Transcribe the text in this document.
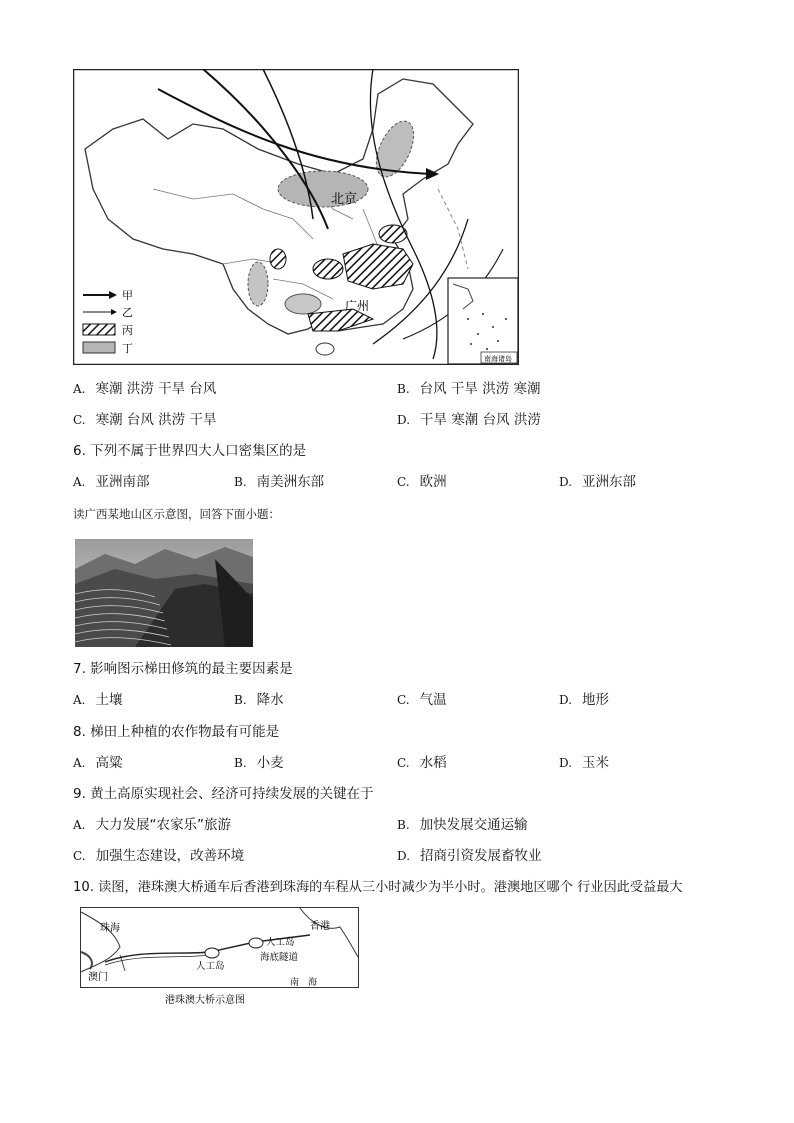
北京
广州
南海诸岛
甲
乙
丙
丁
A. 寒潮 洪涝 干旱 台风	B. 台风 干旱 洪涝 寒潮
C. 寒潮 台风 洪涝 干旱	D. 干旱 寒潮 台风 洪涝
6. 下列不属于世界四大人口密集区的是
A. 亚洲南部	B. 南美洲东部	C. 欧洲	D. 亚洲东部
读广西某地山区示意图，回答下面小题：
7. 影响图示梯田修筑的最主要因素是
A. 土壤	B. 降水	C. 气温	D. 地形
8. 梯田上种植的农作物最有可能是
A. 高粱	B. 小麦	C. 水稻	D. 玉米
9. 黄土高原实现社会、经济可持续发展的关键在于
A. 大力发展“农家乐”旅游	B. 加快发展交通运输
C. 加强生态建设，改善环境	D. 招商引资发展畜牧业
10. 读图，港珠澳大桥通车后香港到珠海的车程从三小时减少为半小时。港澳地区哪个 行业因此受益最大
珠海	香港
澳门
人工岛
人工岛
海底隧道
南　海
港珠澳大桥示意图
